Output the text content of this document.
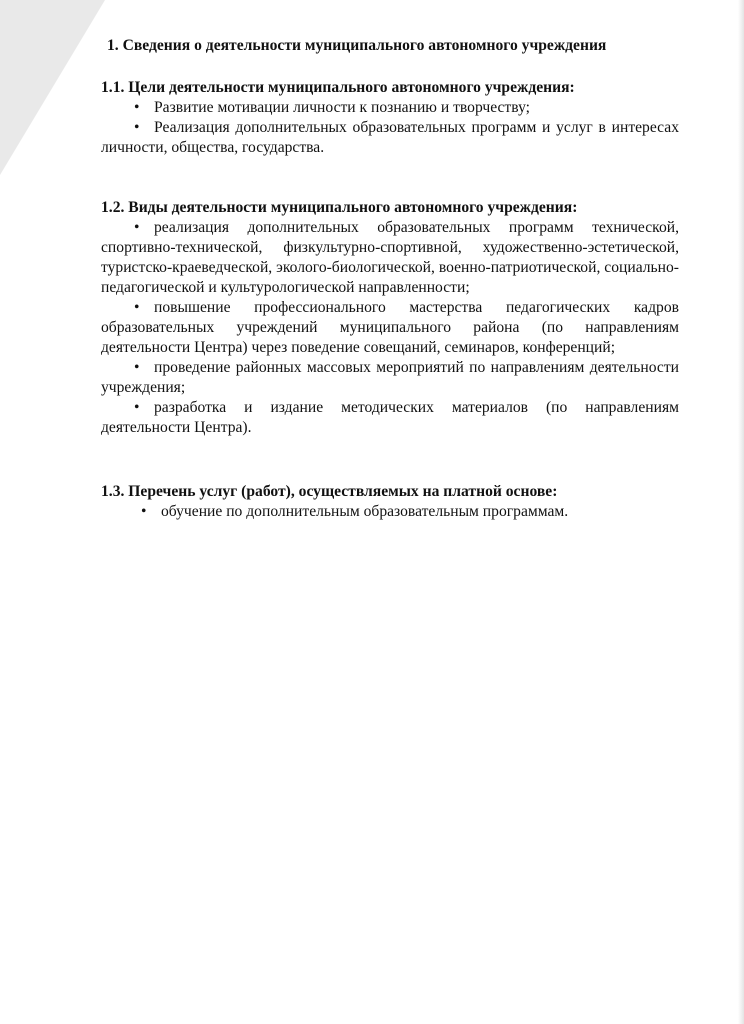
1. Сведения о деятельности муниципального автономного учреждения

1.1. Цели деятельности муниципального автономного учреждения:

• Развитие мотивации личности к познанию и творчеству;
• Реализация дополнительных образовательных программ и услуг в интересах личности, общества, государства.

1.2. Виды деятельности муниципального автономного учреждения:

• реализация дополнительных образовательных программ технической, спортивно-технической, физкультурно-спортивной, художественно-эстетической, туристско-краеведческой, эколого-биологической, военно-патриотической, социально-педагогической и культурологической направленности;
• повышение профессионального мастерства педагогических кадров образовательных учреждений муниципального района (по направлениям деятельности Центра) через поведение совещаний, семинаров, конференций;
• проведение районных массовых мероприятий по направлениям деятельности учреждения;
• разработка и издание методических материалов (по направлениям деятельности Центра).

1.3. Перечень услуг (работ), осуществляемых на платной основе:

• обучение по дополнительным образовательным программам.
